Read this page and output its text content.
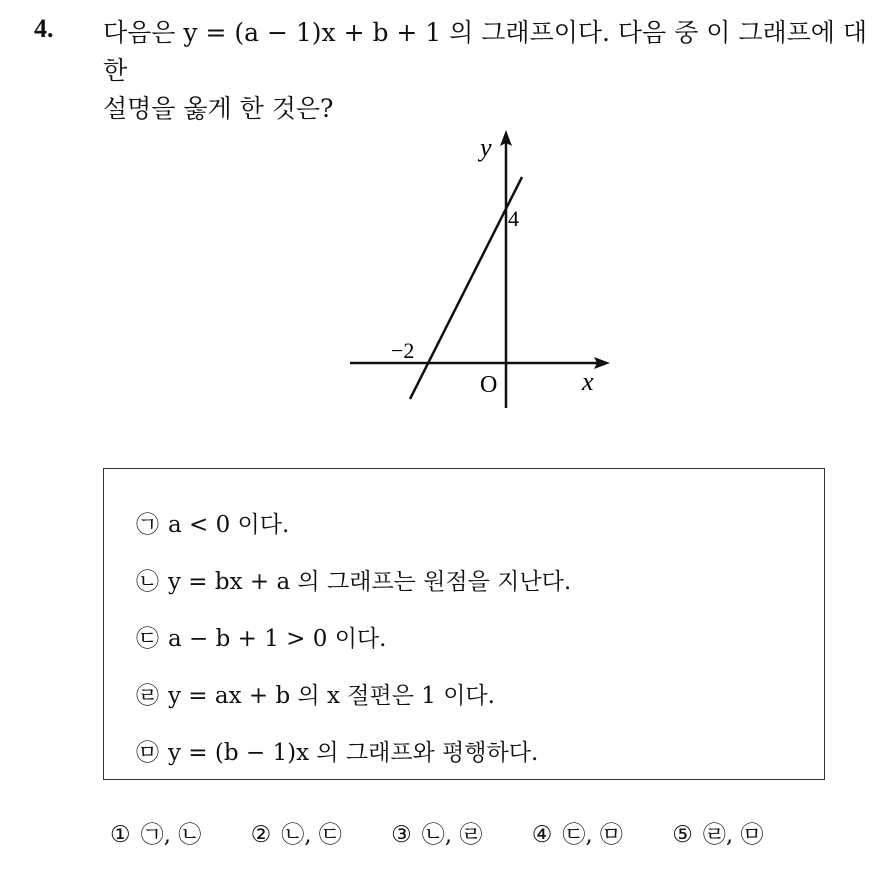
4. 다음은 y = (a − 1)x + b + 1 의 그래프이다. 다음 중 이 그래프에 대한
설명을 옳게 한 것은?

y
x
O
4
−2
㉠ a < 0 이다.
㉡ y = bx + a 의 그래프는 원점을 지난다.
㉢ a − b + 1 > 0 이다.
㉣ y = ax + b 의 x 절편은 1 이다.
㉤ y = (b − 1)x 의 그래프와 평행하다.
① ㉠, ㉡ ② ㉡, ㉢ ③ ㉡, ㉣ ④ ㉢, ㉤ ⑤ ㉣, ㉤
